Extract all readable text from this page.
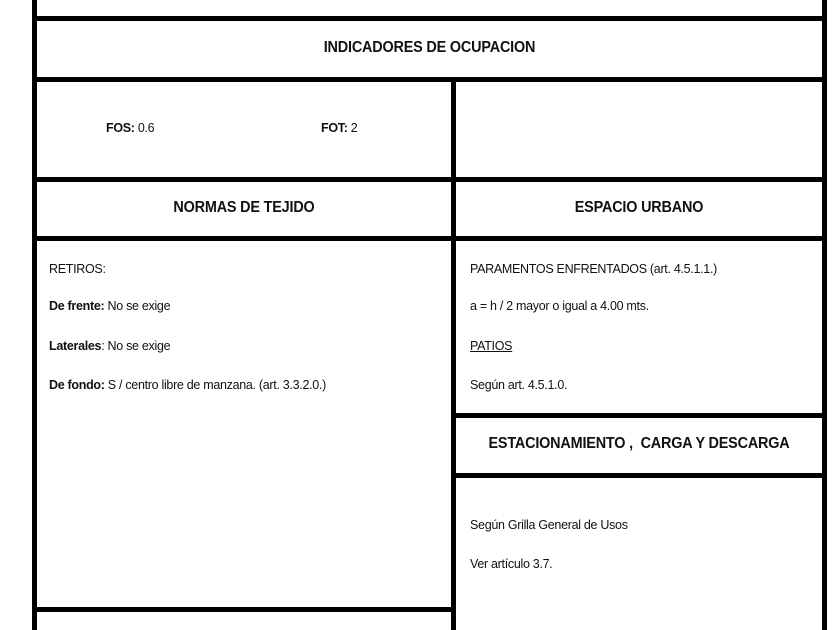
INDICADORES DE OCUPACION
FOS: 0.6	FOT: 2
NORMAS DE TEJIDO
RETIROS:
De frente: No se exige
Laterales: No se exige
De fondo: S / centro libre de manzana. (art. 3.3.2.0.)
ESPACIO URBANO
PARAMENTOS ENFRENTADOS (art. 4.5.1.1.)
a = h / 2 mayor o igual a 4.00 mts.
PATIOS
Según art. 4.5.1.0.
ESTACIONAMIENTO ,  CARGA Y DESCARGA
Según Grilla General de Usos
Ver artículo 3.7.
